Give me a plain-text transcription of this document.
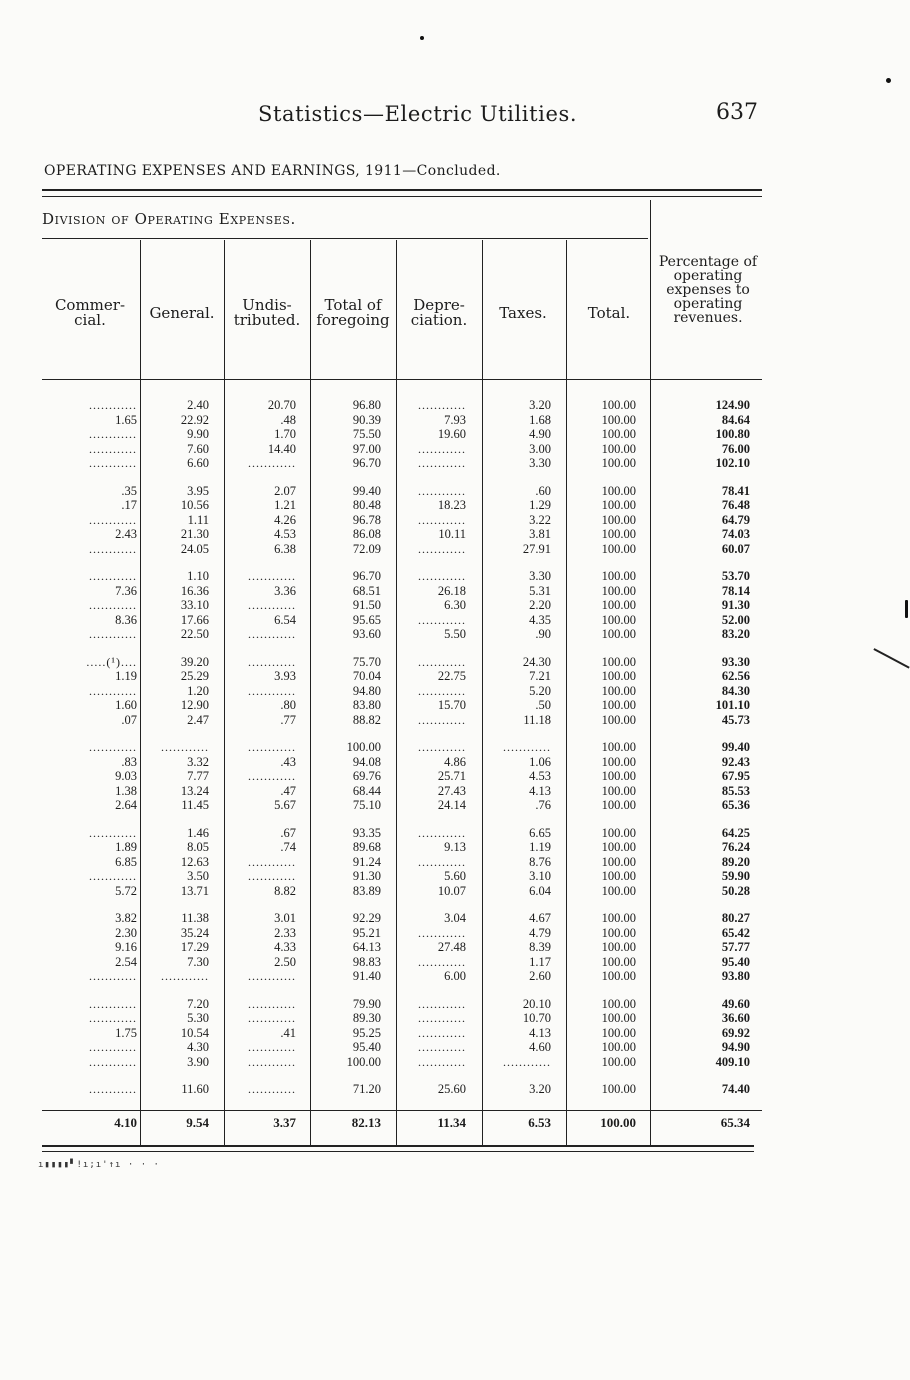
Statistics—Electric Utilities.	637
OPERATING EXPENSES AND EARNINGS, 1911—Concluded.
Division of Operating Expenses.
Commer-
cial.	General.	Undis-
tributed.
Total of
foregoing
Depre-
ciation.	Taxes.	Total.
Percentage of
operating
expenses to
operating
revenues.
............	2.40	20.70	96.80	............	3.20	100.00	124.90
1.65	22.92	.48	90.39	7.93	1.68	100.00	84.64
............	9.90	1.70	75.50	19.60	4.90	100.00	100.80
............	7.60	14.40	97.00	............	3.00	100.00	76.00
............	6.60	............	96.70	............	3.30	100.00	102.10
.35	3.95	2.07	99.40	............	.60	100.00	78.41
.17	10.56	1.21	80.48	18.23	1.29	100.00	76.48
............	1.11	4.26	96.78	............	3.22	100.00	64.79
2.43	21.30	4.53	86.08	10.11	3.81	100.00	74.03
............	24.05	6.38	72.09	............	27.91	100.00	60.07
............	1.10	............	96.70	............	3.30	100.00	53.70
7.36	16.36	3.36	68.51	26.18	5.31	100.00	78.14
............	33.10	............	91.50	6.30	2.20	100.00	91.30
8.36	17.66	6.54	95.65	............	4.35	100.00	52.00
............	22.50	............	93.60	5.50	.90	100.00	83.20
.....(¹)....	39.20	............	75.70	............	24.30	100.00	93.30
1.19	25.29	3.93	70.04	22.75	7.21	100.00	62.56
............	1.20	............	94.80	............	5.20	100.00	84.30
1.60	12.90	.80	83.80	15.70	.50	100.00	101.10
.07	2.47	.77	88.82	............	11.18	100.00	45.73
............	............	............	100.00	............	............	100.00	99.40
.83	3.32	.43	94.08	4.86	1.06	100.00	92.43
9.03	7.77	............	69.76	25.71	4.53	100.00	67.95
1.38	13.24	.47	68.44	27.43	4.13	100.00	85.53
2.64	11.45	5.67	75.10	24.14	.76	100.00	65.36
............	1.46	.67	93.35	............	6.65	100.00	64.25
1.89	8.05	.74	89.68	9.13	1.19	100.00	76.24
6.85	12.63	............	91.24	............	8.76	100.00	89.20
............	3.50	............	91.30	5.60	3.10	100.00	59.90
5.72	13.71	8.82	83.89	10.07	6.04	100.00	50.28
3.82	11.38	3.01	92.29	3.04	4.67	100.00	80.27
2.30	35.24	2.33	95.21	............	4.79	100.00	65.42
9.16	17.29	4.33	64.13	27.48	8.39	100.00	57.77
2.54	7.30	2.50	98.83	............	1.17	100.00	95.40
............	............	............	91.40	6.00	2.60	100.00	93.80
............	7.20	............	79.90	............	20.10	100.00	49.60
............	5.30	............	89.30	............	10.70	100.00	36.60
1.75	10.54	.41	95.25	............	4.13	100.00	69.92
............	4.30	............	95.40	............	4.60	100.00	94.90
............	3.90	............	100.00	............	............	100.00	409.10
............	11.60	............	71.20	25.60	3.20	100.00	74.40
4.10	9.54	3.37	82.13	11.34	6.53	100.00	65.34
ı▮▮▮▮▘!ı;ı'↑ı · · ·
